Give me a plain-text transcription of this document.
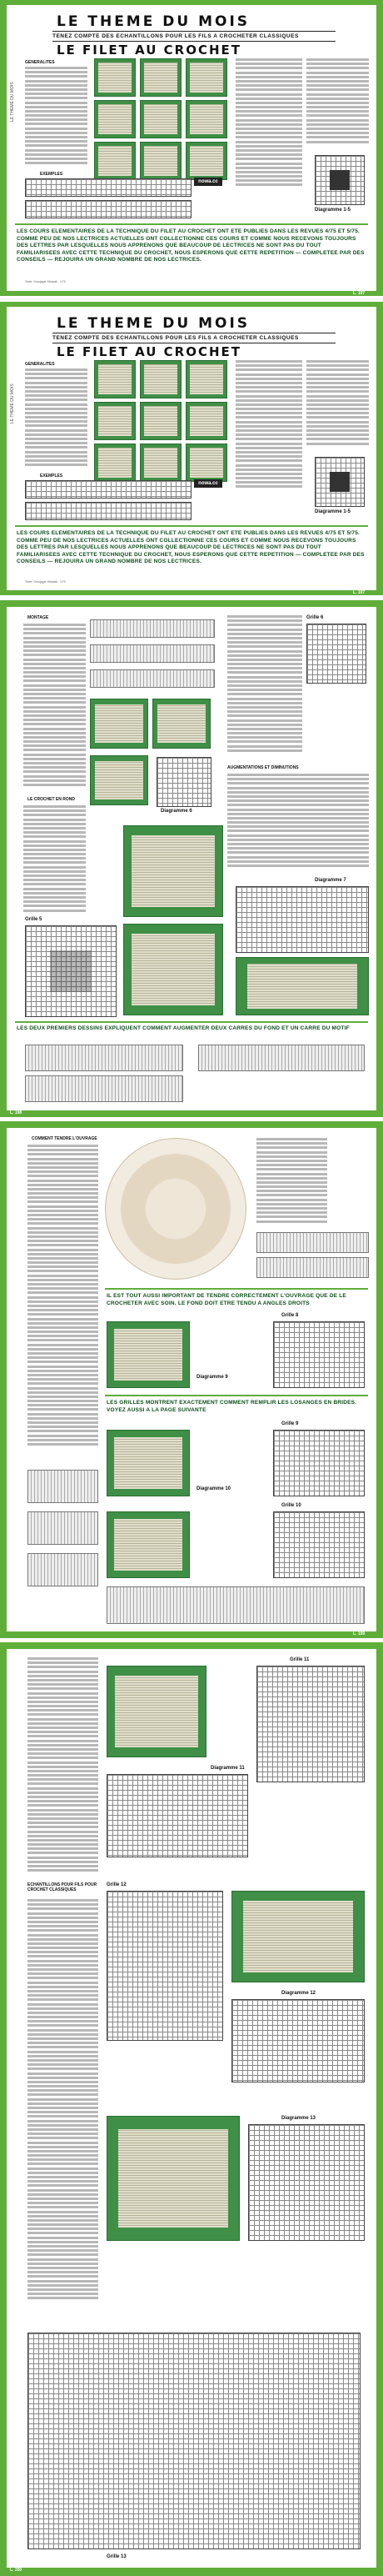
LE THEME DU MOIS
TENEZ COMPTE DES ECHANTILLONS POUR LES FILS A CROCHETER CLASSIQUES
LE FILET AU CROCHET
LE THEME DU MOIS
GENERALITES
nowa.cc
Diagramme 1-5
EXEMPLES
LES COURS ELEMENTAIRES DE LA TECHNIQUE DU FILET AU CROCHET ONT ETE PUBLIES DANS LES REVUES 4/75 ET 5/75. COMME PEU DE NOS LECTRICES ACTUELLES ONT COLLECTIONNE CES COURS ET COMME NOUS RECEVONS TOUJOURS DES LETTRES PAR LESQUELLES NOUS APPRENONS QUE BEAUCOUP DE LECTRICES NE SONT PAS DU TOUT FAMILIARISEES AVEC CETTE TECHNIQUE DU CROCHET, NOUS ESPERONS QUE CETTE REPETITION — COMPLETEE PAR DES CONSEILS — REJOUIRA UN GRAND NOMBRE DE NOS LECTRICES.
Texte: Grosjager-Hildwall - 1/70
L. 197
LE THEME DU MOIS
TENEZ COMPTE DES ECHANTILLONS POUR LES FILS A CROCHETER CLASSIQUES
LE FILET AU CROCHET
LE THEME DU MOIS
GENERALITES
nowa.cc
Diagramme 1-5
EXEMPLES
LES COURS ELEMENTAIRES DE LA TECHNIQUE DU FILET AU CROCHET ONT ETE PUBLIES DANS LES REVUES 4/75 ET 5/75. COMME PEU DE NOS LECTRICES ACTUELLES ONT COLLECTIONNE CES COURS ET COMME NOUS RECEVONS TOUJOURS DES LETTRES PAR LESQUELLES NOUS APPRENONS QUE BEAUCOUP DE LECTRICES NE SONT PAS DU TOUT FAMILIARISEES AVEC CETTE TECHNIQUE DU CROCHET, NOUS ESPERONS QUE CETTE REPETITION — COMPLETEE PAR DES CONSEILS — REJOUIRA UN GRAND NOMBRE DE NOS LECTRICES.
Texte: Grosjager-Hildwall - 1/70
L. 197
MONTAGE
LE CROCHET EN ROND
Diagramme 6
Grille 5
Grille 6
AUGMENTATIONS ET DIMINUTIONS
Diagramme 7
LES DEUX PREMIERS DESSINS EXPLIQUENT COMMENT AUGMENTER DEUX CARRES DU FOND ET UN CARRE DU MOTIF
L. 198
COMMENT TENDRE L'OUVRAGE
IL EST TOUT AUSSI IMPORTANT DE TENDRE CORRECTEMENT L'OUVRAGE QUE DE LE CROCHETER AVEC SOIN. LE FOND DOIT ETRE TENDU A ANGLES DROITS
Grille 8
Diagramme 9
LES GRILLES MONTRENT EXACTEMENT COMMENT REMPLIR LES LOSANGES EN BRIDES. VOYEZ AUSSI A LA PAGE SUIVANTE
Grille 9
Diagramme 10
Grille 10
L. 199
ECHANTILLONS POUR FILS POUR CROCHET CLASSIQUES
Grille 11
Diagramme 11
Grille 12
Diagramme 12
Diagramme 13
Grille 13
L. 200
